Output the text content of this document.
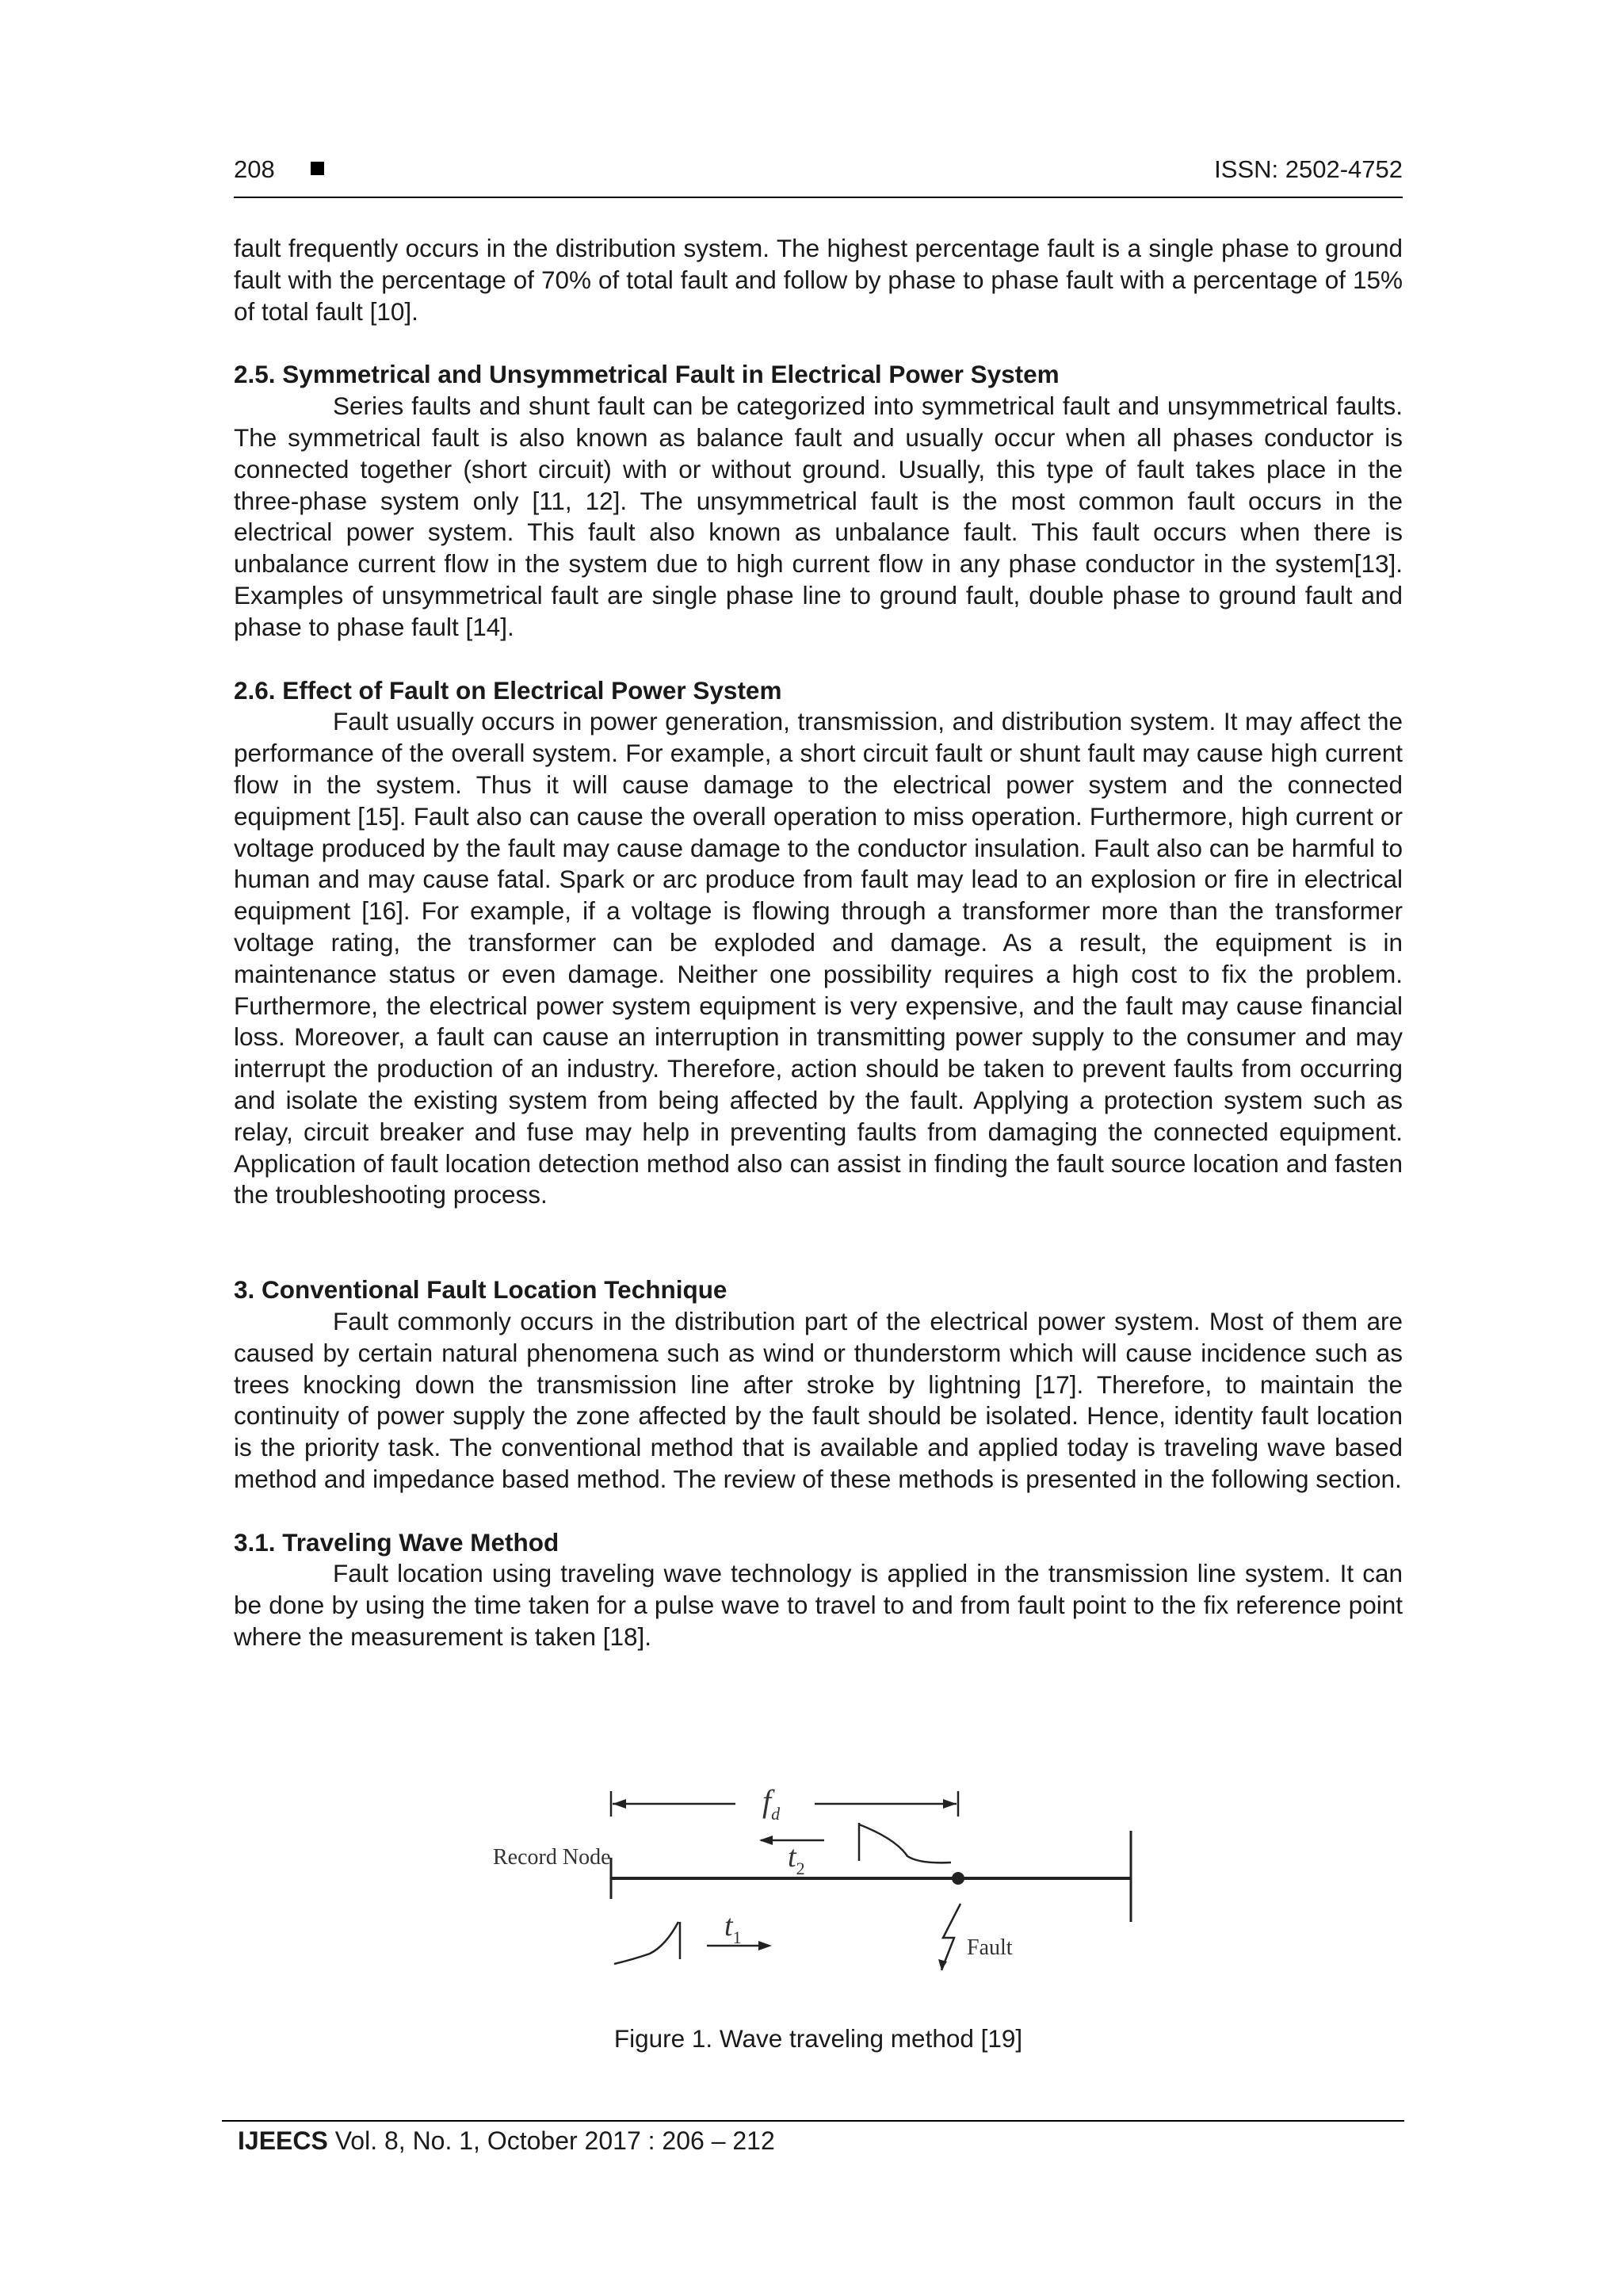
208	ISSN: 2502-4752

fault frequently occurs in the distribution system. The highest percentage fault is a single phase to ground fault with the percentage of 70% of total fault and follow by phase to phase fault with a percentage of 15% of total fault [10].

2.5. Symmetrical and Unsymmetrical Fault in Electrical Power System

Series faults and shunt fault can be categorized into symmetrical fault and unsymmetrical faults. The symmetrical fault is also known as balance fault and usually occur when all phases conductor is connected together (short circuit) with or without ground. Usually, this type of fault takes place in the three-phase system only [11, 12]. The unsymmetrical fault is the most common fault occurs in the electrical power system. This fault also known as unbalance fault. This fault occurs when there is unbalance current flow in the system due to high current flow in any phase conductor in the system[13]. Examples of unsymmetrical fault are single phase line to ground fault, double phase to ground fault and phase to phase fault [14].

2.6. Effect of Fault on Electrical Power System

Fault usually occurs in power generation, transmission, and distribution system. It may affect the performance of the overall system. For example, a short circuit fault or shunt fault may cause high current flow in the system. Thus it will cause damage to the electrical power system and the connected equipment [15]. Fault also can cause the overall operation to miss operation. Furthermore, high current or voltage produced by the fault may cause damage to the conductor insulation. Fault also can be harmful to human and may cause fatal. Spark or arc produce from fault may lead to an explosion or fire in electrical equipment [16]. For example, if a voltage is flowing through a transformer more than the transformer voltage rating, the transformer can be exploded and damage. As a result, the equipment is in maintenance status or even damage. Neither one possibility requires a high cost to fix the problem. Furthermore, the electrical power system equipment is very expensive, and the fault may cause financial loss. Moreover, a fault can cause an interruption in transmitting power supply to the consumer and may interrupt the production of an industry. Therefore, action should be taken to prevent faults from occurring and isolate the existing system from being affected by the fault. Applying a protection system such as relay, circuit breaker and fuse may help in preventing faults from damaging the connected equipment. Application of fault location detection method also can assist in finding the fault source location and fasten the troubleshooting process.

3. Conventional Fault Location Technique

Fault commonly occurs in the distribution part of the electrical power system. Most of them are caused by certain natural phenomena such as wind or thunderstorm which will cause incidence such as trees knocking down the transmission line after stroke by lightning [17]. Therefore, to maintain the continuity of power supply the zone affected by the fault should be isolated. Hence, identity fault location is the priority task. The conventional method that is available and applied today is traveling wave based method and impedance based method. The review of these methods is presented in the following section.

3.1. Traveling Wave Method

Fault location using traveling wave technology is applied in the transmission line system. It can be done by using the time taken for a pulse wave to travel to and from fault point to the fix reference point where the measurement is taken [18].

$f_d$
Record Node	$t_2$
$t_1$	Fault
Figure 1. Wave traveling method [19]
IJEECS Vol. 8, No. 1, October 2017 : 206 – 212
